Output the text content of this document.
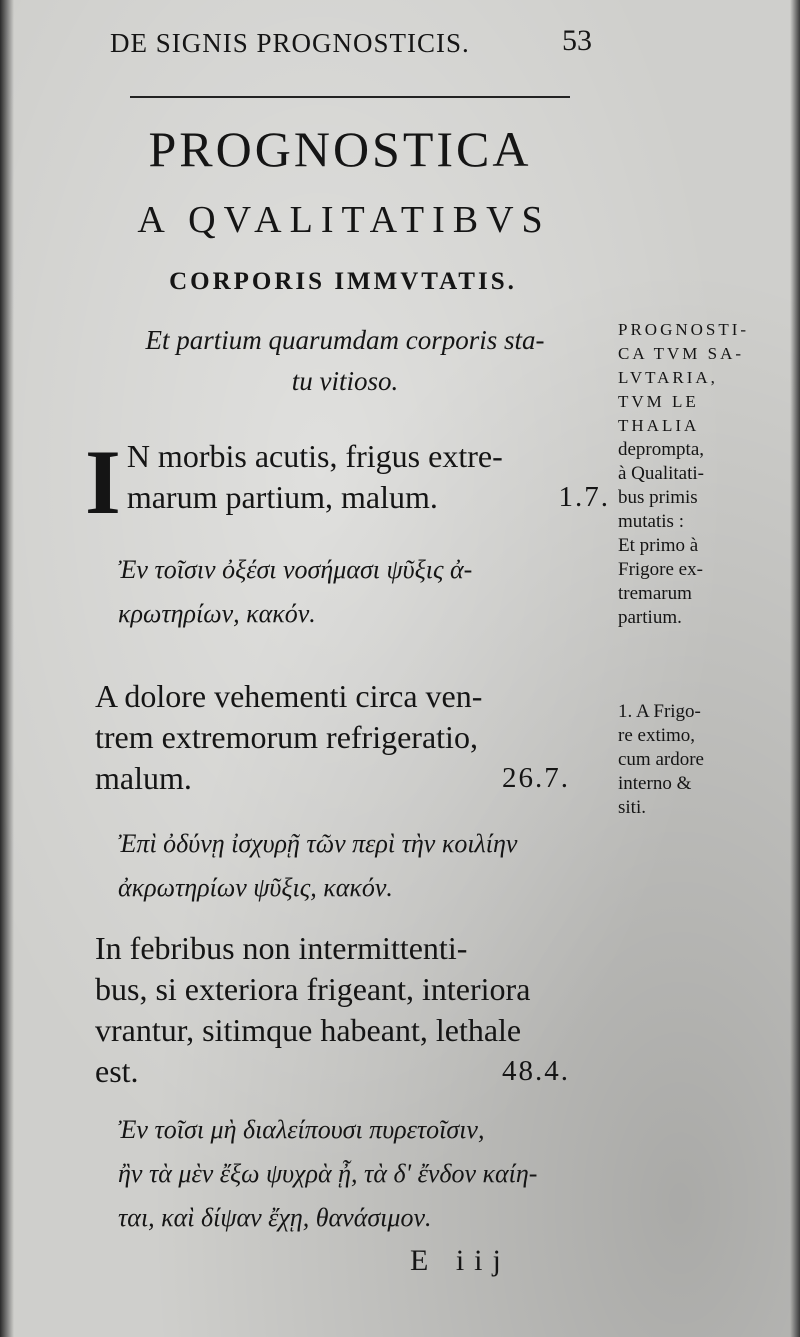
DE SIGNIS PROGNOSTICIS.	53
PROGNOSTICA
A QVALITATIBVS
CORPORIS IMMVTATIS.
Et partium quarumdam corporis sta-
tu vitioso.
I N morbis acutis, frigus extre-
marum partium, malum.	1.7.
Ἐν τοῖσιν ὀξέσι νοσήμασι ψῦξις ἀ-
κρωτηρίων, κακόν.
A dolore vehementi circa ven-
trem extremorum refrigeratio,
malum.	26.7.
Ἐπὶ ὀδύνῃ ἰσχυρῇ τῶν περὶ τὴν κοιλίην
ἀκρωτηρίων ψῦξις, κακόν.
In febribus non intermittenti-
bus, si exteriora frigeant, interiora
vrantur, sitimque habeant, lethale
est.	48.4.
Ἐν τοῖσι μὴ διαλείπουσι πυρετοῖσιν,
ἢν τὰ μὲν ἔξω ψυχρὰ ᾖ, τὰ δ' ἔνδον καίη-
ται, καὶ δίψαν ἔχῃ, θανάσιμον.
PROGNOSTI-
CA TVM SA-
LVTARIA,
TVM LE
THALIA
deprompta,
à Qualitati-
bus primis
mutatis :
Et primo à
Frigore ex-
tremarum
partium.
1. A Frigo-
re extimo,
cum ardore
interno &
siti.
E iij
